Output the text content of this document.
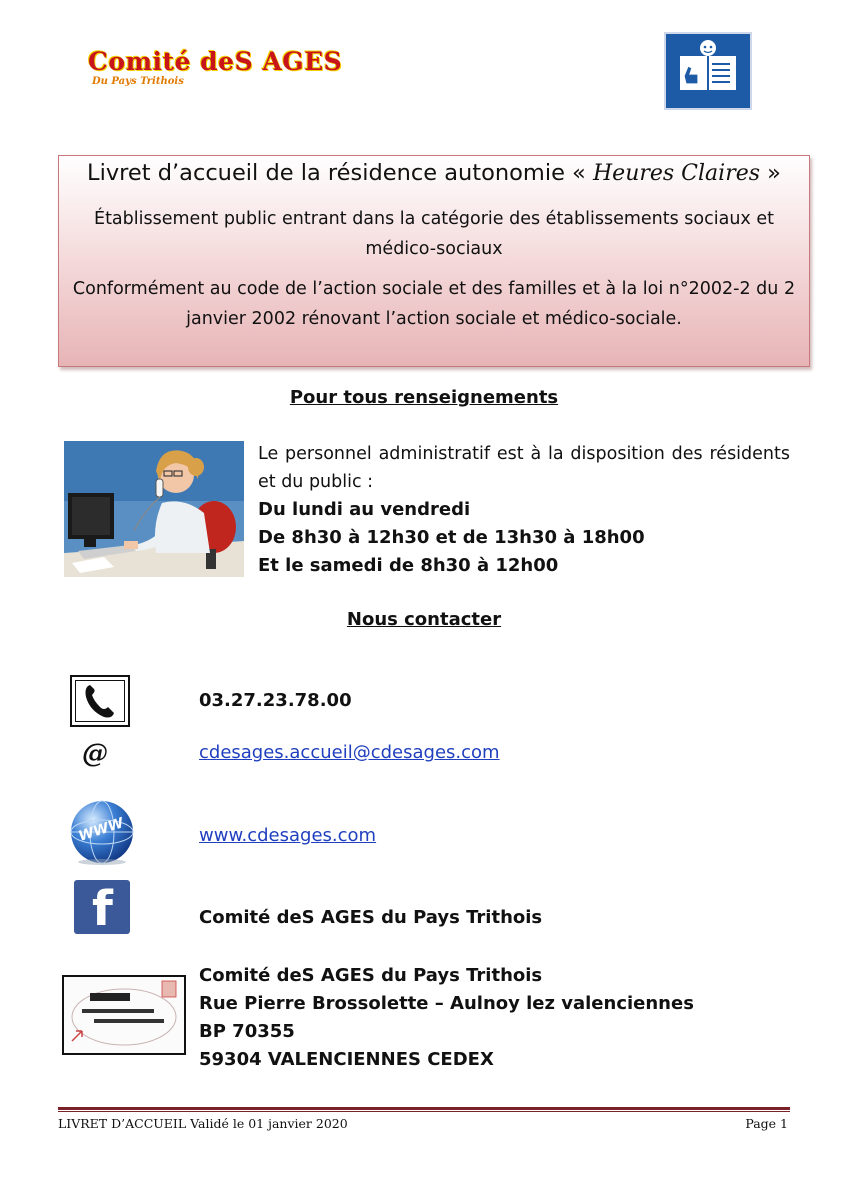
Comité deS AGES
Du Pays Trithois
Livret d’accueil de la résidence autonomie « Heures Claires »
Établissement public entrant dans la catégorie des établissements sociaux et médico-sociaux
Conformément au code de l’action sociale et des familles et à la loi n°2002-2 du 2 janvier 2002 rénovant l’action sociale et médico-sociale.
Pour tous renseignements
Le personnel administratif est à la disposition des résidents et du public :
Du lundi au vendredi
De 8h30 à 12h30 et de 13h30 à 18h00
Et le samedi de 8h30 à 12h00
Nous contacter
03.27.23.78.00
@	cdesages.accueil@cdesages.com
WWW	www.cdesages.com
f	Comité deS AGES du Pays Trithois
Comité deS AGES du Pays Trithois
Rue Pierre Brossolette – Aulnoy lez valenciennes
BP 70355
59304 VALENCIENNES CEDEX
LIVRET D’ACCUEIL Validé le 01 janvier 2020	Page 1
